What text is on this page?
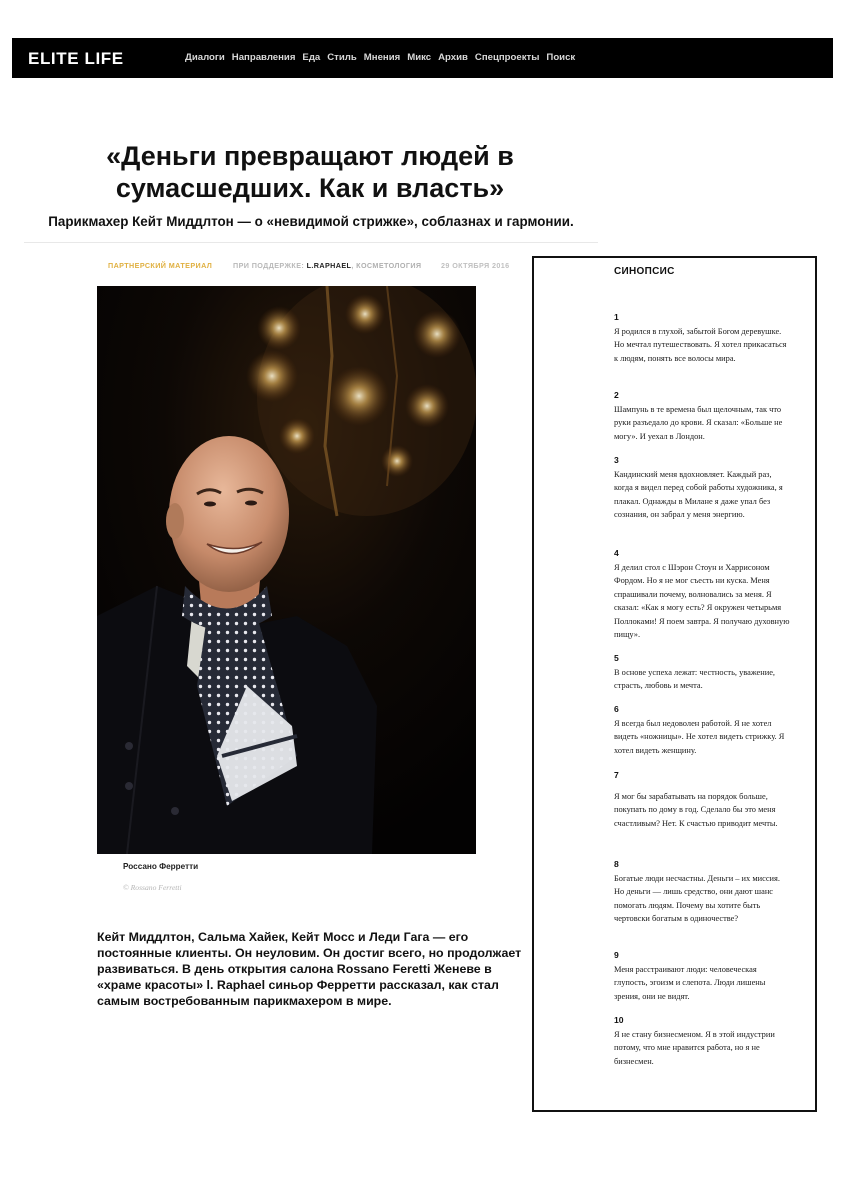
ELITE LIFE	Диалоги Направления Еда Стиль Мнения Микс Архив Спецпроекты Поиск
«Деньги превращают людей в сумасшедших. Как и власть»
Парикмахер Кейт Миддлтон — о «невидимой стрижке», соблазнах и гармонии.
ПАРТНЕРСКИЙ МАТЕРИАЛ	ПРИ ПОДДЕРЖКЕ: L.RAPHAEL, КОСМЕТОЛОГИЯ	29 ОКТЯБРЯ 2016
Россано Ферретти
© Rossano Ferretti

Кейт Миддлтон, Сальма Хайек, Кейт Мосс и Леди Гага — его постоянные клиенты. Он неуловим. Он достиг всего, но продолжает развиваться. В день открытия салона Rossano Feretti Женеве в «храме красоты» l. Raphael синьор Ферретти рассказал, как стал самым востребованным парикмахером в мире.

СИНОПСИС
1
Я родился в глухой, забытой Богом деревушке. Но мечтал путешествовать. Я хотел прикасаться к людям, понять все волосы мира.
2
Шампунь в те времена был щелочным, так что руки разъедало до крови. Я сказал: «Больше не могу». И уехал в Лондон.
3
Кандинский меня вдохновляет. Каждый раз, когда я видел перед собой работы художника, я плакал. Однажды в Милане я даже упал без сознания, он забрал у меня энергию.
4
Я делил стол с Шэрон Стоун и Харрисоном Фордом. Но я не мог съесть ни куска. Меня спрашивали почему, волновались за меня. Я сказал: «Как я могу есть? Я окружен четырьмя Поллоками! Я поем завтра. Я получаю духовную пищу».
5
В основе успеха лежат: честность, уважение, страсть, любовь и мечта.
6
Я всегда был недоволен работой. Я не хотел видеть «ножницы». Не хотел видеть стрижку. Я хотел видеть женщину.
7
Я мог бы зарабатывать на порядок больше, покупать по дому в год. Сделало бы это меня счастливым? Нет. К счастью приводит мечты.
8
Богатые люди несчастны. Деньги – их миссия. Но деньги — лишь средство, они дают шанс помогать людям. Почему вы хотите быть чертовски богатым в одиночестве?
9
Меня расстраивают люди: человеческая глупость, эгоизм и слепота. Люди лишены зрения, они не видят.
10
Я не стану бизнесменом. Я в этой индустрии потому, что мне нравится работа, но я не бизнесмен.
